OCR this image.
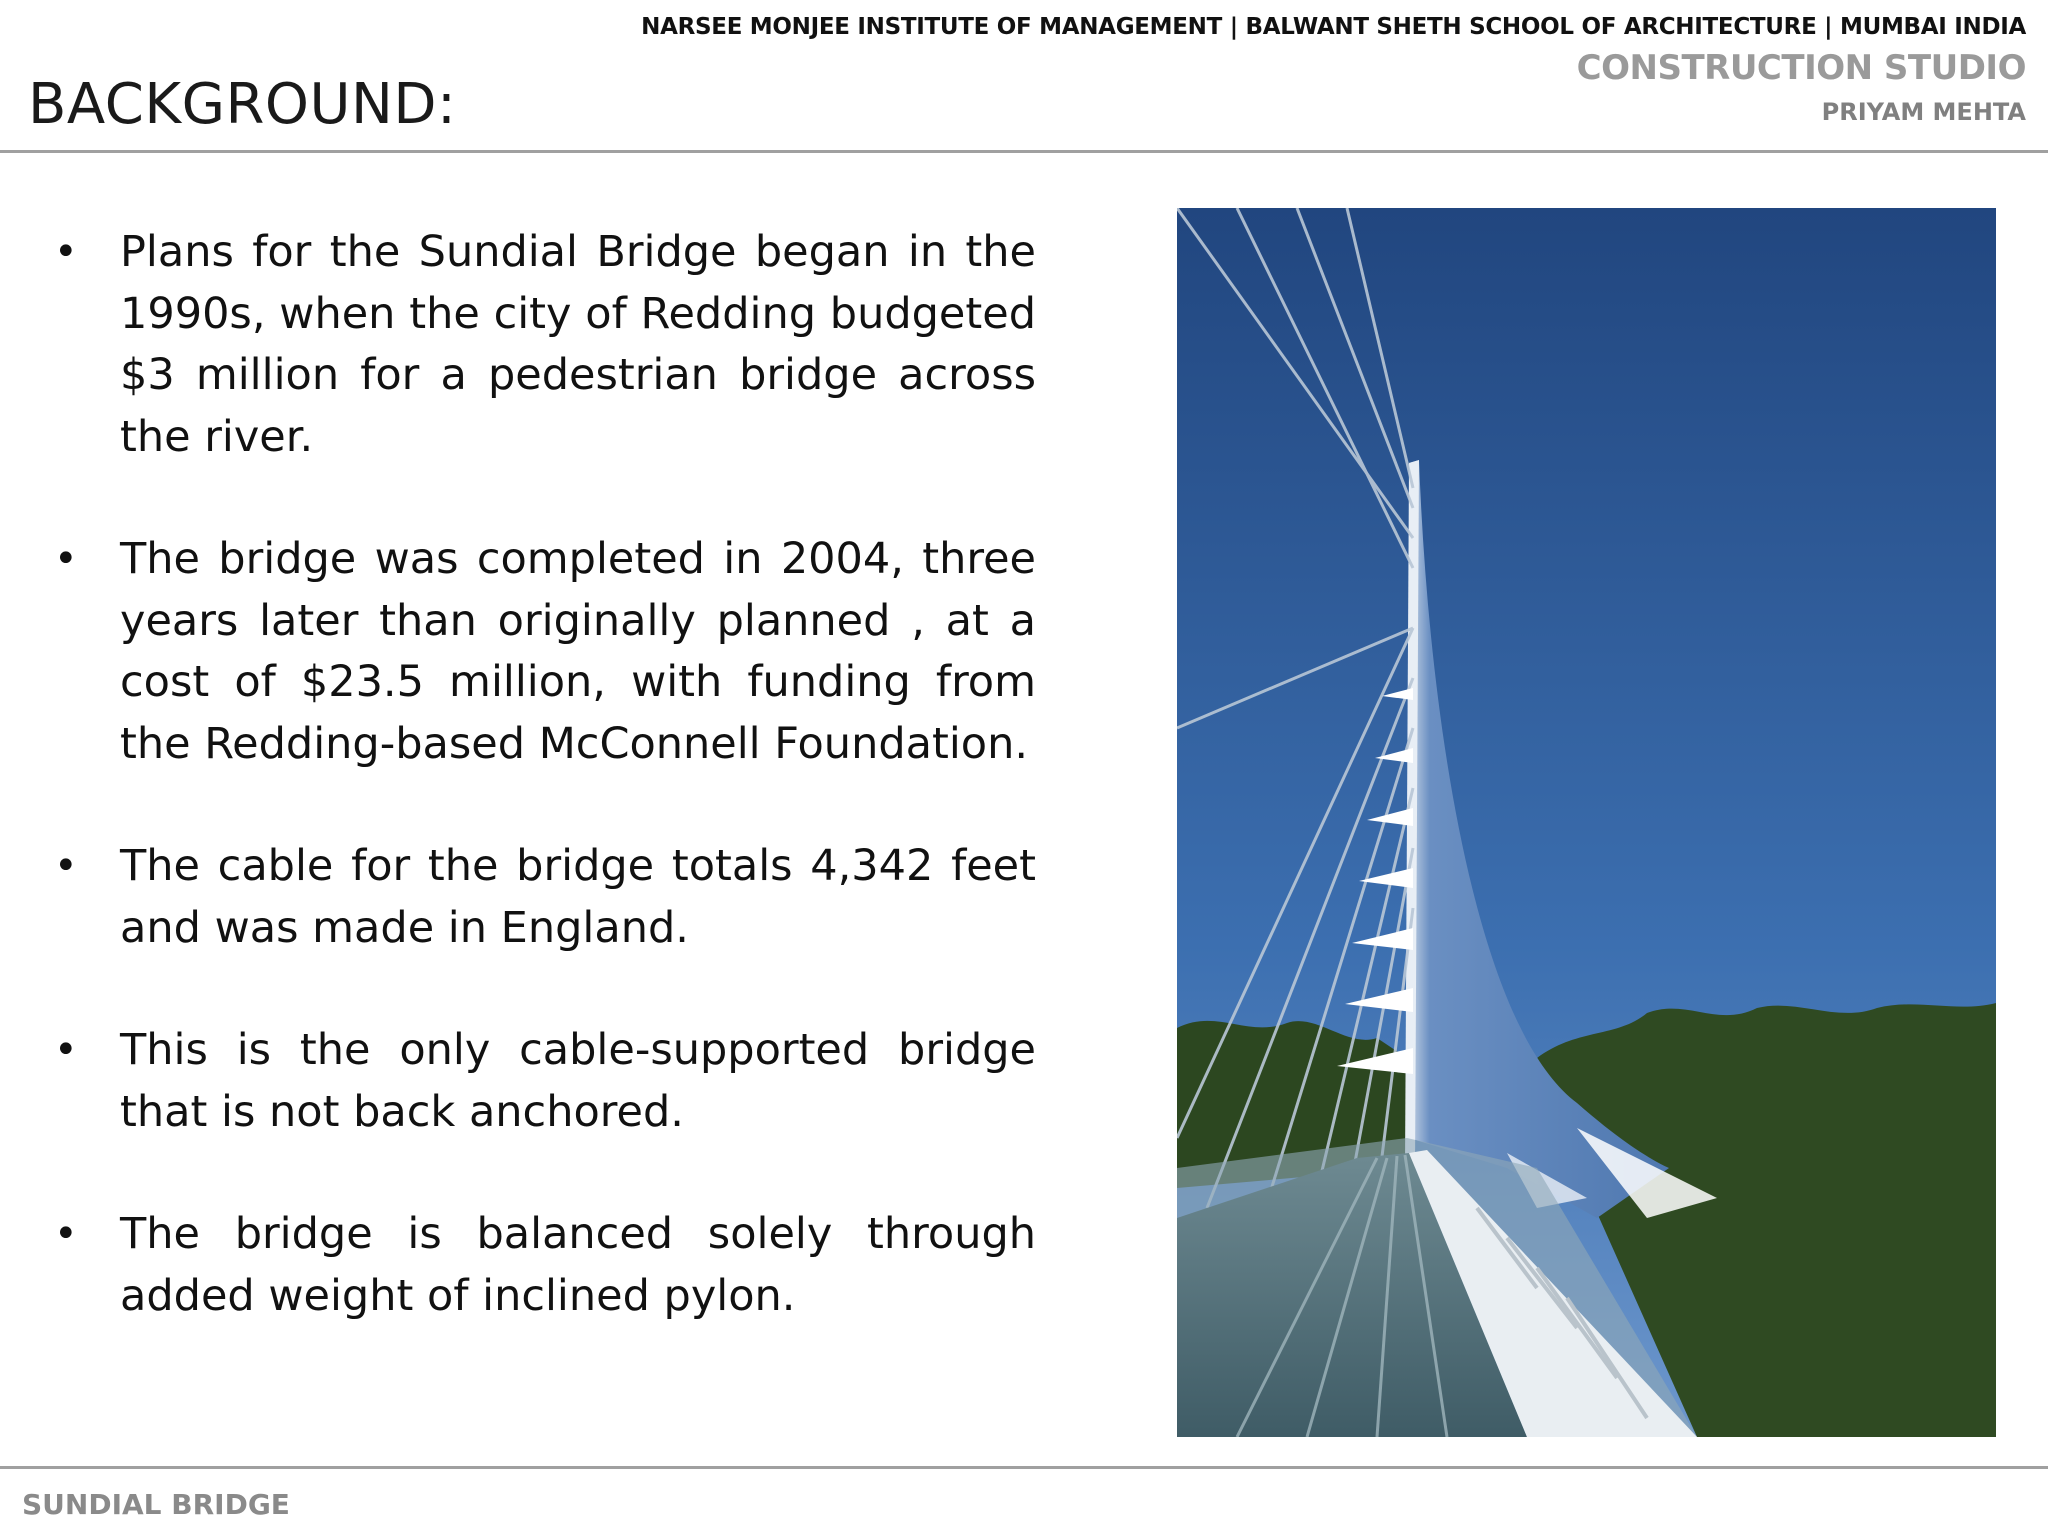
NARSEE MONJEE INSTITUTE OF MANAGEMENT | BALWANT SHETH SCHOOL OF ARCHITECTURE | MUMBAI INDIA
CONSTRUCTION STUDIO
PRIYAM MEHTA
BACKGROUND:
• Plans for the Sundial Bridge began in the 1990s, when the city of Redding budgeted $3 million for a pedestrian bridge across the river.
• The bridge was completed in 2004, three years later than originally planned , at a cost of $23.5 million, with funding from the Redding-based McConnell Foundation.
• The cable for the bridge totals 4,342 feet and was made in England.
• This is the only cable-supported bridge that is not back anchored.
• The bridge is balanced solely through added weight of inclined pylon.
SUNDIAL BRIDGE
